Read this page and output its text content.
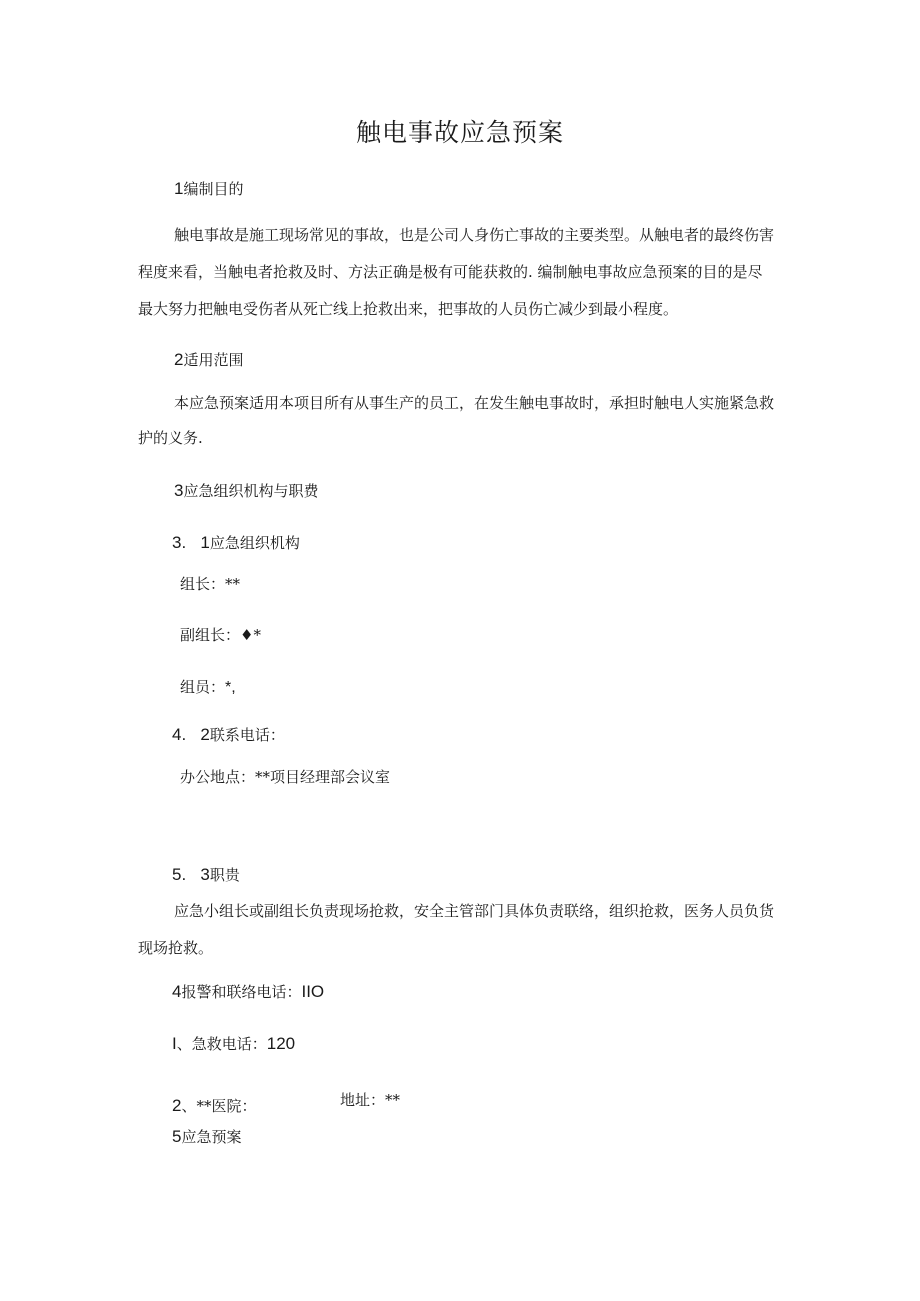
触电事故应急预案
1编制目的
触电事故是施工现场常见的事故，也是公司人身伤亡事故的主要类型。从触电者的最终伤害
程度来看，当触电者抢救及时、方法正确是极有可能获救的. 编制触电事故应急预案的目的是尽
最大努力把触电受伤者从死亡线上抢救出来，把事故的人员伤亡减少到最小程度。
2适用范围
本应急预案适用本项目所有从事生产的员工，在发生触电事故时，承担时触电人实施紧急救
护的义务.
3应急组织机构与职费
3.   1应急组织机构
组长：**
副组长：♦*
组员：*,
4.   2联系电话：
办公地点：**项目经理部会议室
5.   3职贵
应急小组长或副组长负责现场抢救，安全主管部门具体负责联络，组织抢救，医务人员负货
现场抢救。
4报警和联络电话：IIO
I、急救电话：120
2、**医院：	地址：**
5应急预案
